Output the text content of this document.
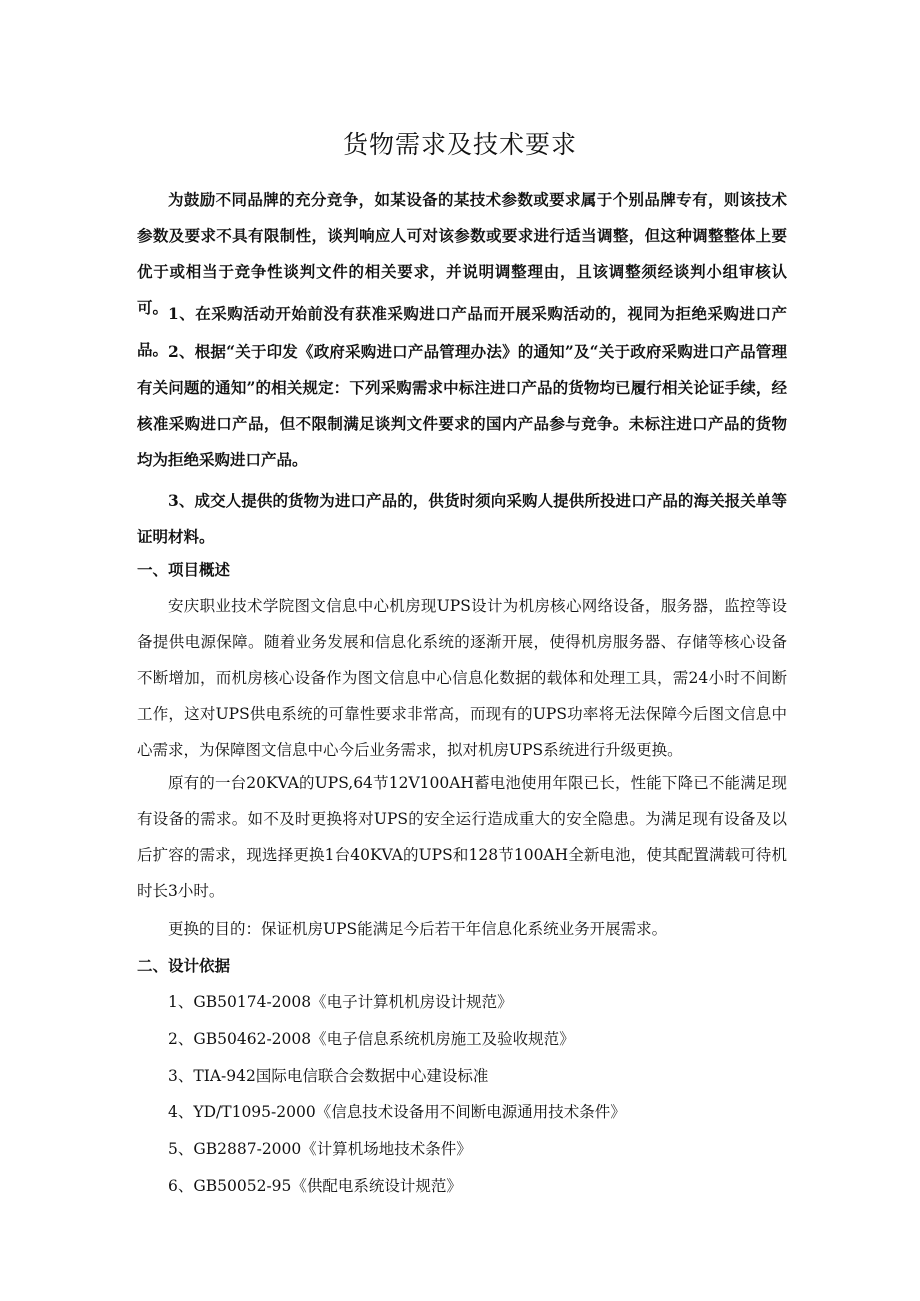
货物需求及技术要求

为鼓励不同品牌的充分竞争，如某设备的某技术参数或要求属于个别品牌专有，则该技术参数及要求不具有限制性，谈判响应人可对该参数或要求进行适当调整，但这种调整整体上要优于或相当于竞争性谈判文件的相关要求，并说明调整理由，且该调整须经谈判小组审核认可。 1、在采购活动开始前没有获准采购进口产品而开展采购活动的，视同为拒绝采购进口产品。 2、根据“关于印发《政府采购进口产品管理办法》的通知”及“关于政府采购进口产品管理有关问题的通知”的相关规定：下列采购需求中标注进口产品的货物均已履行相关论证手续，经核准采购进口产品，但不限制满足谈判文件要求的国内产品参与竞争。未标注进口产品的货物均为拒绝采购进口产品。

3、成交人提供的货物为进口产品的，供货时须向采购人提供所投进口产品的海关报关单等证明材料。

一、项目概述

安庆职业技术学院图文信息中心机房现UPS设计为机房核心网络设备，服务器，监控等设备提供电源保障。随着业务发展和信息化系统的逐渐开展，使得机房服务器、存储等核心设备不断增加，而机房核心设备作为图文信息中心信息化数据的载体和处理工具，需24小时不间断工作，这对UPS供电系统的可靠性要求非常高，而现有的UPS功率将无法保障今后图文信息中心需求，为保障图文信息中心今后业务需求，拟对机房UPS系统进行升级更换。

原有的一台20KVA的UPS,64节12V100AH蓄电池使用年限已长，性能下降已不能满足现有设备的需求。如不及时更换将对UPS的安全运行造成重大的安全隐患。为满足现有设备及以后扩容的需求，现选择更换1台40KVA的UPS和128节100AH全新电池，使其配置满载可待机时长3小时。

更换的目的：保证机房UPS能满足今后若干年信息化系统业务开展需求。

二、设计依据
1、GB50174-2008《电子计算机机房设计规范》
2、GB50462-2008《电子信息系统机房施工及验收规范》
3、TIA-942国际电信联合会数据中心建设标准
4、YD/T1095-2000《信息技术设备用不间断电源通用技术条件》
5、GB2887-2000《计算机场地技术条件》
6、GB50052-95《供配电系统设计规范》
